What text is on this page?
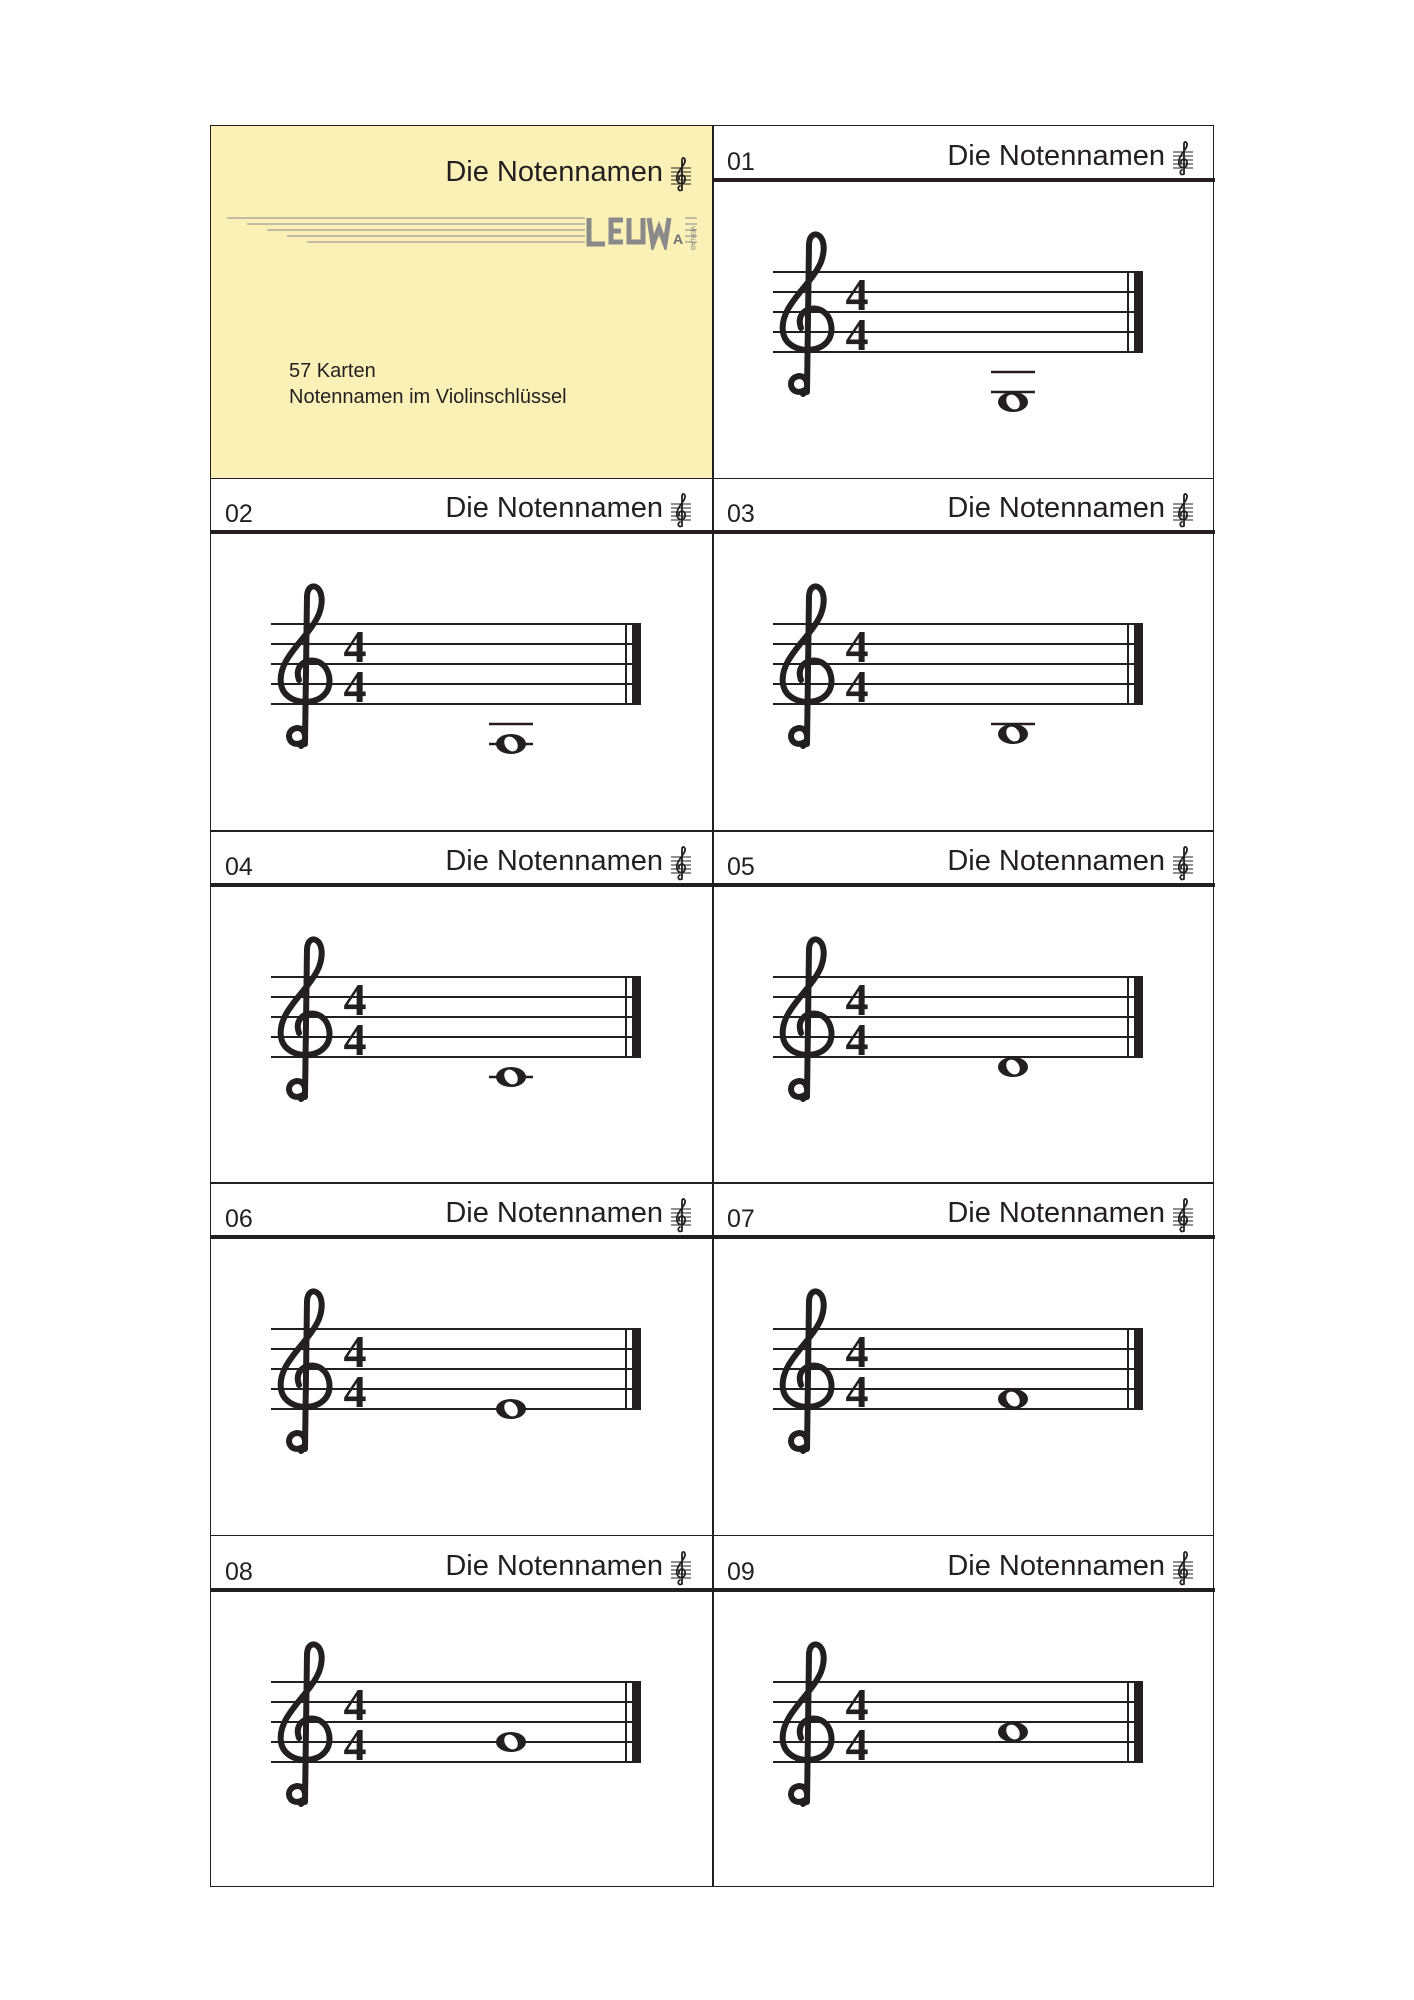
Die Notennamen
A VERLAG
57 Karten
Notennamen im Violinschlüssel
01	Die Notennamen
4
4
02	Die Notennamen
4
4
03	Die Notennamen
4
4
04	Die Notennamen
4
4
05	Die Notennamen
4
4
06	Die Notennamen
4
4
07	Die Notennamen
4
4
08	Die Notennamen
4
4
09	Die Notennamen
4
4
